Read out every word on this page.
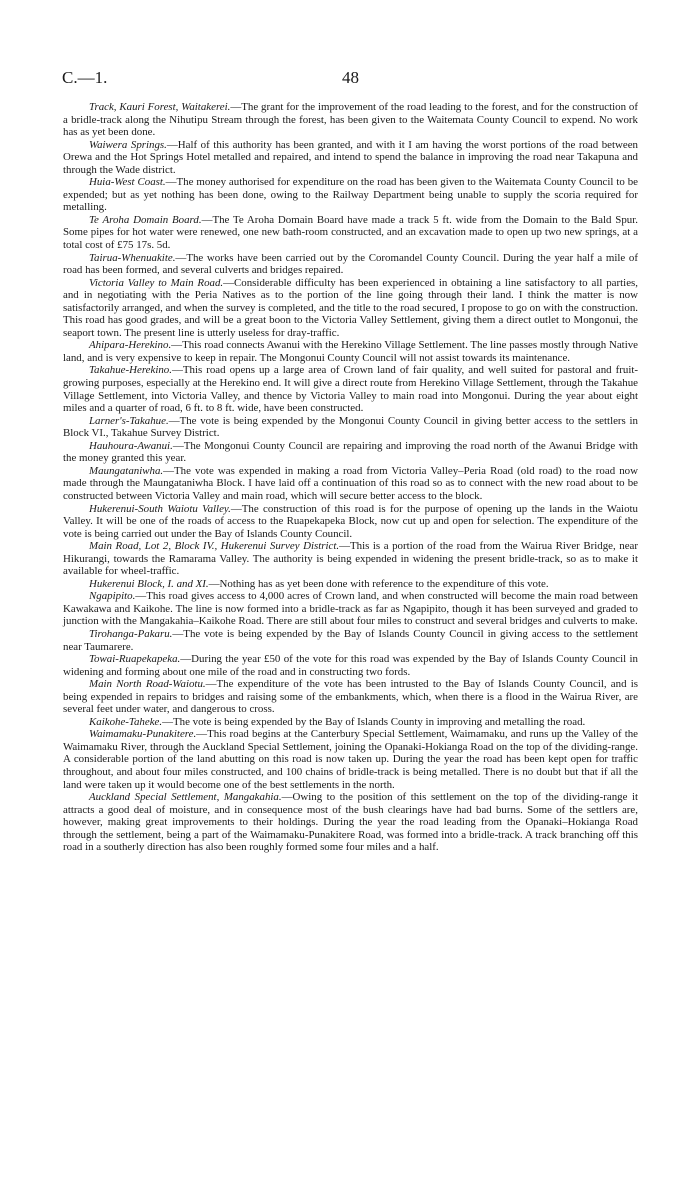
C.—1.	48

Track, Kauri Forest, Waitakerei.—The grant for the improvement of the road leading to the forest, and for the construction of a bridle-track along the Nihutipu Stream through the forest, has been given to the Waitemata County Council to expend. No work has as yet been done.

Waiwera Springs.—Half of this authority has been granted, and with it I am having the worst portions of the road between Orewa and the Hot Springs Hotel metalled and repaired, and intend to spend the balance in improving the road near Takapuna and through the Wade district.

Huia-West Coast.—The money authorised for expenditure on the road has been given to the Waitemata County Council to be expended; but as yet nothing has been done, owing to the Railway Department being unable to supply the scoria required for metalling.

Te Aroha Domain Board.—The Te Aroha Domain Board have made a track 5 ft. wide from the Domain to the Bald Spur. Some pipes for hot water were renewed, one new bath-room constructed, and an excavation made to open up two new springs, at a total cost of £75 17s. 5d.

Tairua-Whenuakite.—The works have been carried out by the Coromandel County Council. During the year half a mile of road has been formed, and several culverts and bridges repaired.

Victoria Valley to Main Road.—Considerable difficulty has been experienced in obtaining a line satisfactory to all parties, and in negotiating with the Peria Natives as to the portion of the line going through their land. I think the matter is now satisfactorily arranged, and when the survey is completed, and the title to the road secured, I propose to go on with the construction. This road has good grades, and will be a great boon to the Victoria Valley Settlement, giving them a direct outlet to Mongonui, the seaport town. The present line is utterly useless for dray-traffic.

Ahipara-Herekino.—This road connects Awanui with the Herekino Village Settlement. The line passes mostly through Native land, and is very expensive to keep in repair. The Mongonui County Council will not assist towards its maintenance.

Takahue-Herekino.—This road opens up a large area of Crown land of fair quality, and well suited for pastoral and fruit-growing purposes, especially at the Herekino end. It will give a direct route from Herekino Village Settlement, through the Takahue Village Settlement, into Victoria Valley, and thence by Victoria Valley to main road into Mongonui. During the year about eight miles and a quarter of road, 6 ft. to 8 ft. wide, have been constructed.

Larner's-Takahue.—The vote is being expended by the Mongonui County Council in giving better access to the settlers in Block VI., Takahue Survey District.

Hauhoura-Awanui.—The Mongonui County Council are repairing and improving the road north of the Awanui Bridge with the money granted this year.

Maungataniwha.—The vote was expended in making a road from Victoria Valley–Peria Road (old road) to the road now made through the Maungataniwha Block. I have laid off a continuation of this road so as to connect with the new road about to be constructed between Victoria Valley and main road, which will secure better access to the block.

Hukerenui-South Waiotu Valley.—The construction of this road is for the purpose of opening up the lands in the Waiotu Valley. It will be one of the roads of access to the Ruapekapeka Block, now cut up and open for selection. The expenditure of the vote is being carried out under the Bay of Islands County Council.

Main Road, Lot 2, Block IV., Hukerenui Survey District.—This is a portion of the road from the Wairua River Bridge, near Hikurangi, towards the Ramarama Valley. The authority is being expended in widening the present bridle-track, so as to make it available for wheel-traffic.

Hukerenui Block, I. and XI.—Nothing has as yet been done with reference to the expenditure of this vote.

Ngapipito.—This road gives access to 4,000 acres of Crown land, and when constructed will become the main road between Kawakawa and Kaikohe. The line is now formed into a bridle-track as far as Ngapipito, though it has been surveyed and graded to junction with the Mangakahia–Kaikohe Road. There are still about four miles to construct and several bridges and culverts to make.

Tirohanga-Pakaru.—The vote is being expended by the Bay of Islands County Council in giving access to the settlement near Taumarere.

Towai-Ruapekapeka.—During the year £50 of the vote for this road was expended by the Bay of Islands County Council in widening and forming about one mile of the road and in constructing two fords.

Main North Road-Waiotu.—The expenditure of the vote has been intrusted to the Bay of Islands County Council, and is being expended in repairs to bridges and raising some of the embankments, which, when there is a flood in the Wairua River, are several feet under water, and dangerous to cross.

Kaikohe-Taheke.—The vote is being expended by the Bay of Islands County in improving and metalling the road.

Waimamaku-Punakitere.—This road begins at the Canterbury Special Settlement, Waimamaku, and runs up the Valley of the Waimamaku River, through the Auckland Special Settlement, joining the Opanaki-Hokianga Road on the top of the dividing-range. A considerable portion of the land abutting on this road is now taken up. During the year the road has been kept open for traffic throughout, and about four miles constructed, and 100 chains of bridle-track is being metalled. There is no doubt but that if all the land were taken up it would become one of the best settlements in the north.

Auckland Special Settlement, Mangakahia.—Owing to the position of this settlement on the top of the dividing-range it attracts a good deal of moisture, and in consequence most of the bush clearings have had bad burns. Some of the settlers are, however, making great improvements to their holdings. During the year the road leading from the Opanaki–Hokianga Road through the settlement, being a part of the Waimamaku-Punakitere Road, was formed into a bridle-track. A track branching off this road in a southerly direction has also been roughly formed some four miles and a half.
